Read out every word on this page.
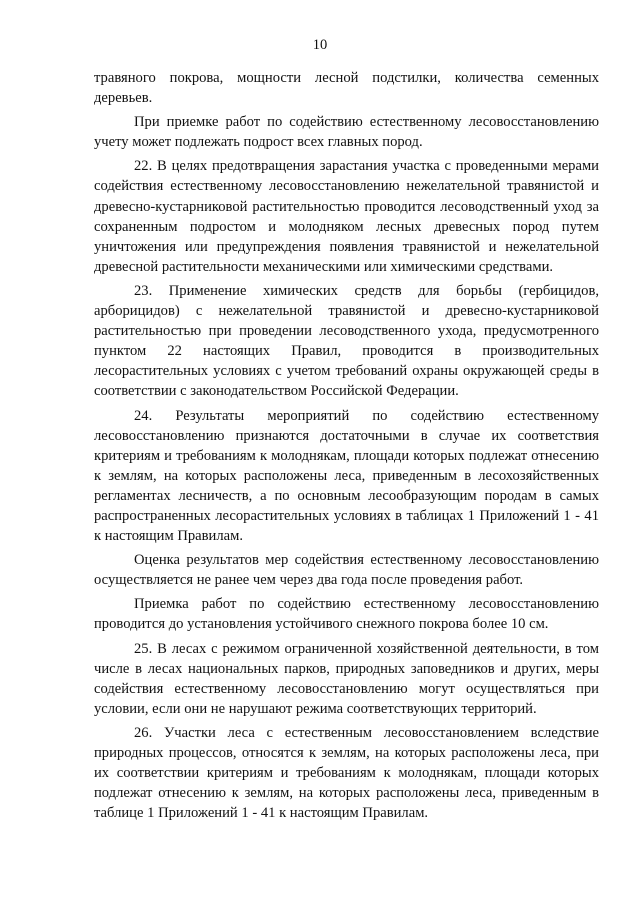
10

травяного покрова, мощности лесной подстилки, количества семенных деревьев.

При приемке работ по содействию естественному лесовосстановлению учету может подлежать подрост всех главных пород.

22. В целях предотвращения зарастания участка с проведенными мерами содействия естественному лесовосстановлению нежелательной травянистой и древесно-кустарниковой растительностью проводится лесоводственный уход за сохраненным подростом и молодняком лесных древесных пород путем уничтожения или предупреждения появления травянистой и нежелательной древесной растительности механическими или химическими средствами.

23. Применение химических средств для борьбы (гербицидов, арборицидов) с нежелательной травянистой и древесно-кустарниковой растительностью при проведении лесоводственного ухода, предусмотренного пунктом 22 настоящих Правил, проводится в производительных лесорастительных условиях с учетом требований охраны окружающей среды в соответствии с законодательством Российской Федерации.

24. Результаты мероприятий по содействию естественному лесовосстановлению признаются достаточными в случае их соответствия критериям и требованиям к молоднякам, площади которых подлежат отнесению к землям, на которых расположены леса, приведенным в лесохозяйственных регламентах лесничеств, а по основным лесообразующим породам в самых распространенных лесорастительных условиях в таблицах 1 Приложений 1 - 41 к настоящим Правилам.

Оценка результатов мер содействия естественному лесовосстановлению осуществляется не ранее чем через два года после проведения работ.

Приемка работ по содействию естественному лесовосстановлению проводится до установления устойчивого снежного покрова более 10 см.

25. В лесах с режимом ограниченной хозяйственной деятельности, в том числе в лесах национальных парков, природных заповедников и других, меры содействия естественному лесовосстановлению могут осуществляться при условии, если они не нарушают режима соответствующих территорий.

26. Участки леса с естественным лесовосстановлением вследствие природных процессов, относятся к землям, на которых расположены леса, при их соответствии критериям и требованиям к молоднякам, площади которых подлежат отнесению к землям, на которых расположены леса, приведенным в таблице 1 Приложений 1 - 41 к настоящим Правилам.
